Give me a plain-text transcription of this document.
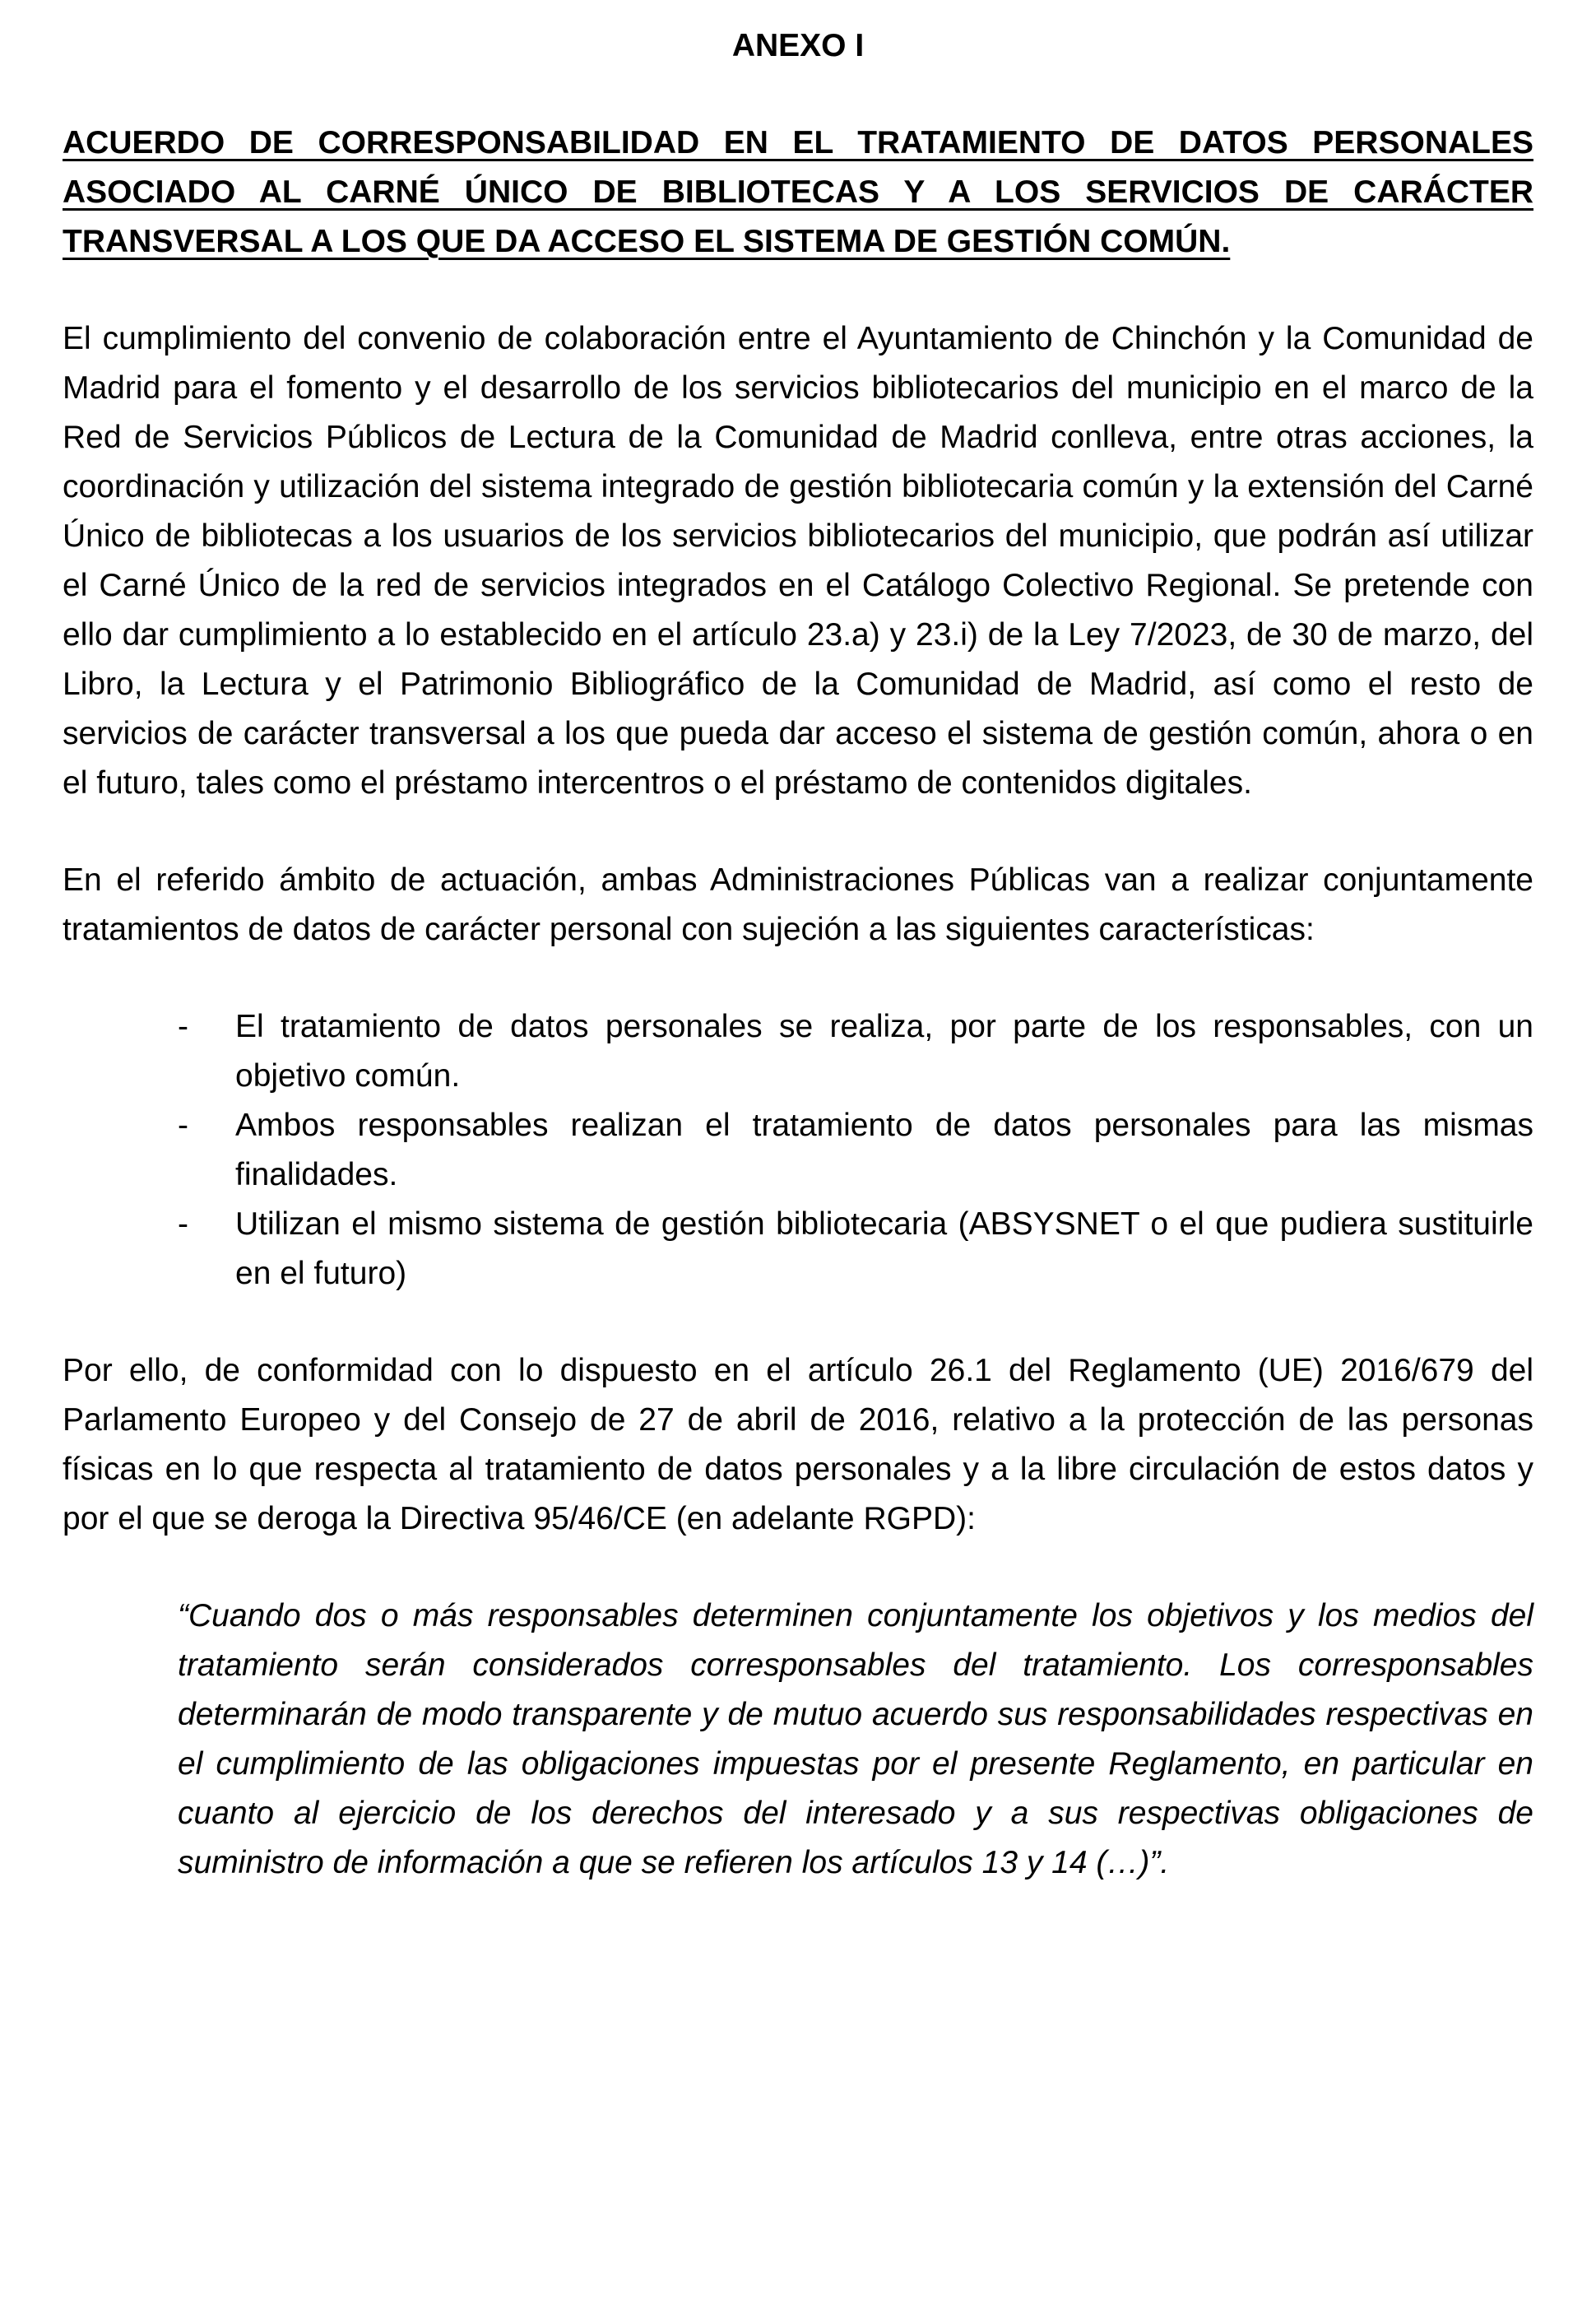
ANEXO I

ACUERDO DE CORRESPONSABILIDAD EN EL TRATAMIENTO DE DATOS PERSONALES ASOCIADO AL CARNÉ ÚNICO DE BIBLIOTECAS Y A LOS SERVICIOS DE CARÁCTER TRANSVERSAL A LOS QUE DA ACCESO EL SISTEMA DE GESTIÓN COMÚN.

El cumplimiento del convenio de colaboración entre el Ayuntamiento de Chinchón y la Comunidad de Madrid para el fomento y el desarrollo de los servicios bibliotecarios del municipio en el marco de la Red de Servicios Públicos de Lectura de la Comunidad de Madrid conlleva, entre otras acciones, la coordinación y utilización del sistema integrado de gestión bibliotecaria común y la extensión del Carné Único de bibliotecas a los usuarios de los servicios bibliotecarios del municipio, que podrán así utilizar el Carné Único de la red de servicios integrados en el Catálogo Colectivo Regional. Se pretende con ello dar cumplimiento a lo establecido en el artículo 23.a) y 23.i) de la Ley 7/2023, de 30 de marzo, del Libro, la Lectura y el Patrimonio Bibliográfico de la Comunidad de Madrid, así como el resto de servicios de carácter transversal a los que pueda dar acceso el sistema de gestión común, ahora o en el futuro, tales como el préstamo intercentros o el préstamo de contenidos digitales.

En el referido ámbito de actuación, ambas Administraciones Públicas van a realizar conjuntamente tratamientos de datos de carácter personal con sujeción a las siguientes características:

-	El tratamiento de datos personales se realiza, por parte de los responsables, con un objetivo común.
-	Ambos responsables realizan el tratamiento de datos personales para las mismas finalidades.
-	Utilizan el mismo sistema de gestión bibliotecaria (ABSYSNET o el que pudiera sustituirle en el futuro)

Por ello, de conformidad con lo dispuesto en el artículo 26.1 del Reglamento (UE) 2016/679 del Parlamento Europeo y del Consejo de 27 de abril de 2016, relativo a la protección de las personas físicas en lo que respecta al tratamiento de datos personales y a la libre circulación de estos datos y por el que se deroga la Directiva 95/46/CE (en adelante RGPD):

“Cuando dos o más responsables determinen conjuntamente los objetivos y los medios del tratamiento serán considerados corresponsables del tratamiento. Los corresponsables determinarán de modo transparente y de mutuo acuerdo sus responsabilidades respectivas en el cumplimiento de las obligaciones impuestas por el presente Reglamento, en particular en cuanto al ejercicio de los derechos del interesado y a sus respectivas obligaciones de suministro de información a que se refieren los artículos 13 y 14 (…)”.
